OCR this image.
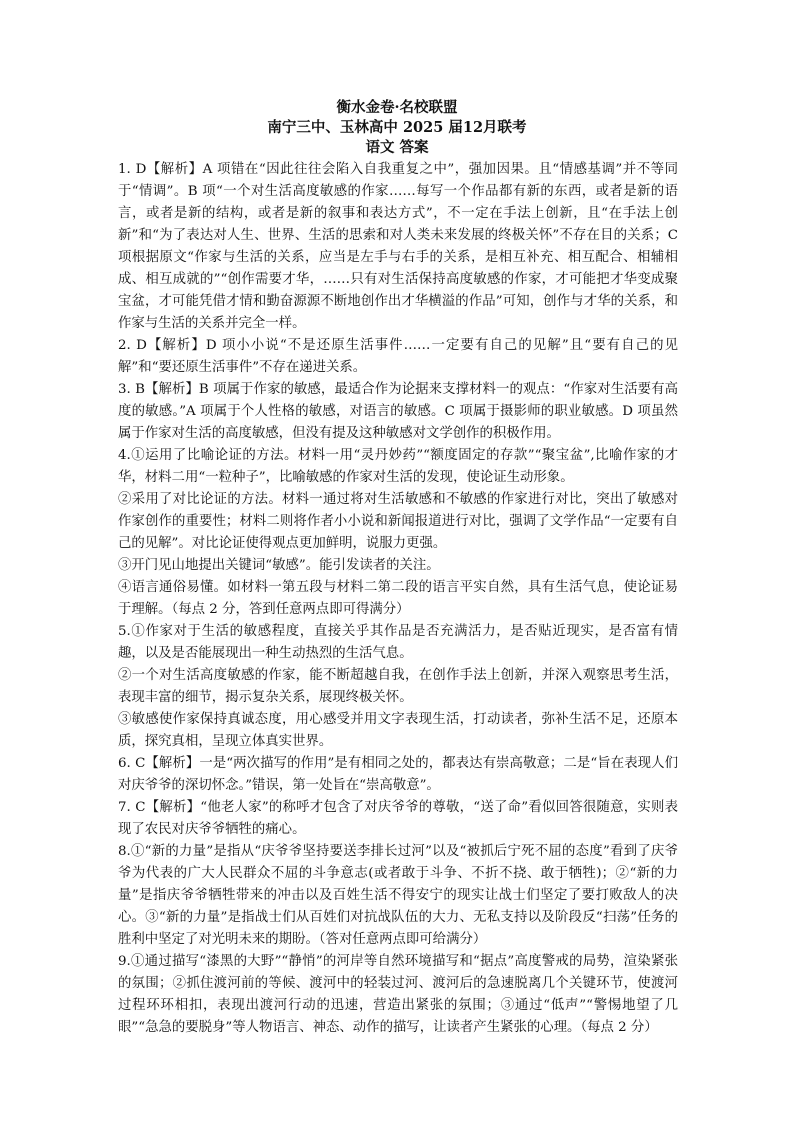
衡水金卷·名校联盟
南宁三中、玉林高中 2025 届12月联考
语文 答案

1. D【解析】A 项错在“因此往往会陷入自我重复之中”，强加因果。且“情感基调”并不等同于“情调”。B 项“一个对生活高度敏感的作家……每写一个作品都有新的东西，或者是新的语言，或者是新的结构，或者是新的叙事和表达方式”，不一定在手法上创新，且“在手法上创新”和“为了表达对人生、世界、生活的思索和对人类未来发展的终极关怀”不存在目的关系；C 项根据原文“作家与生活的关系，应当是左手与右手的关系，是相互补充、相互配合、相辅相成、相互成就的”“创作需要才华，……只有对生活保持高度敏感的作家，才可能把才华变成聚宝盆，才可能凭借才情和勤奋源源不断地创作出才华横溢的作品”可知，创作与才华的关系，和作家与生活的关系并完全一样。

2. D【解析】D 项小小说“不是还原生活事件……一定要有自己的见解”且“要有自己的见解”和“要还原生活事件”不存在递进关系。

3. B【解析】B 项属于作家的敏感，最适合作为论据来支撑材料一的观点：“作家对生活要有高度的敏感。”A 项属于个人性格的敏感，对语言的敏感。C 项属于摄影师的职业敏感。D 项虽然属于作家对生活的高度敏感，但没有提及这种敏感对文学创作的积极作用。

4.①运用了比喻论证的方法。材料一用“灵丹妙药”“额度固定的存款”“聚宝盆”,比喻作家的才华，材料二用“一粒种子”，比喻敏感的作家对生活的发现，使论证生动形象。

②采用了对比论证的方法。材料一通过将对生活敏感和不敏感的作家进行对比，突出了敏感对作家创作的重要性；材料二则将作者小小说和新闻报道进行对比，强调了文学作品“一定要有自己的见解”。对比论证使得观点更加鲜明，说服力更强。

③开门见山地提出关键词“敏感”。能引发读者的关注。

④语言通俗易懂。如材料一第五段与材料二第二段的语言平实自然，具有生活气息，使论证易于理解。（每点 2 分，答到任意两点即可得满分）

5.①作家对于生活的敏感程度，直接关乎其作品是否充满活力，是否贴近现实，是否富有情趣，以及是否能展现出一种生动热烈的生活气息。

②一个对生活高度敏感的作家，能不断超越自我，在创作手法上创新，并深入观察思考生活，表现丰富的细节，揭示复杂关系，展现终极关怀。

③敏感使作家保持真诚态度，用心感受并用文字表现生活，打动读者，弥补生活不足，还原本质，探究真相，呈现立体真实世界。

6. C【解析】一是“两次描写的作用”是有相同之处的，都表达有崇高敬意；二是“旨在表现人们对庆爷爷的深切怀念。”错误，第一处旨在“崇高敬意”。

7. C【解析】“他老人家”的称呼才包含了对庆爷爷的尊敬，“送了命”看似回答很随意，实则表现了农民对庆爷爷牺牲的痛心。

8.①“新的力量”是指从“庆爷爷坚持要送李排长过河”以及“被抓后宁死不屈的态度”看到了庆爷爷为代表的广大人民群众不屈的斗争意志(或者敢于斗争、不折不挠、敢于牺牲)；②“新的力量”是指庆爷爷牺牲带来的冲击以及百姓生活不得安宁的现实让战士们坚定了要打败敌人的决心。③“新的力量”是指战士们从百姓们对抗战队伍的大力、无私支持以及阶段反“扫荡”任务的胜利中坚定了对光明未来的期盼。（答对任意两点即可给满分）

9.①通过描写“漆黑的大野”“静悄”的河岸等自然环境描写和“据点”高度警戒的局势，渲染紧张的氛围；②抓住渡河前的等候、渡河中的轻装过河、渡河后的急速脱离几个关键环节，使渡河过程环环相扣，表现出渡河行动的迅速，营造出紧张的氛围；③通过“低声”“警惕地望了几眼”“急急的要脱身”等人物语言、神态、动作的描写，让读者产生紧张的心理。（每点 2 分）
